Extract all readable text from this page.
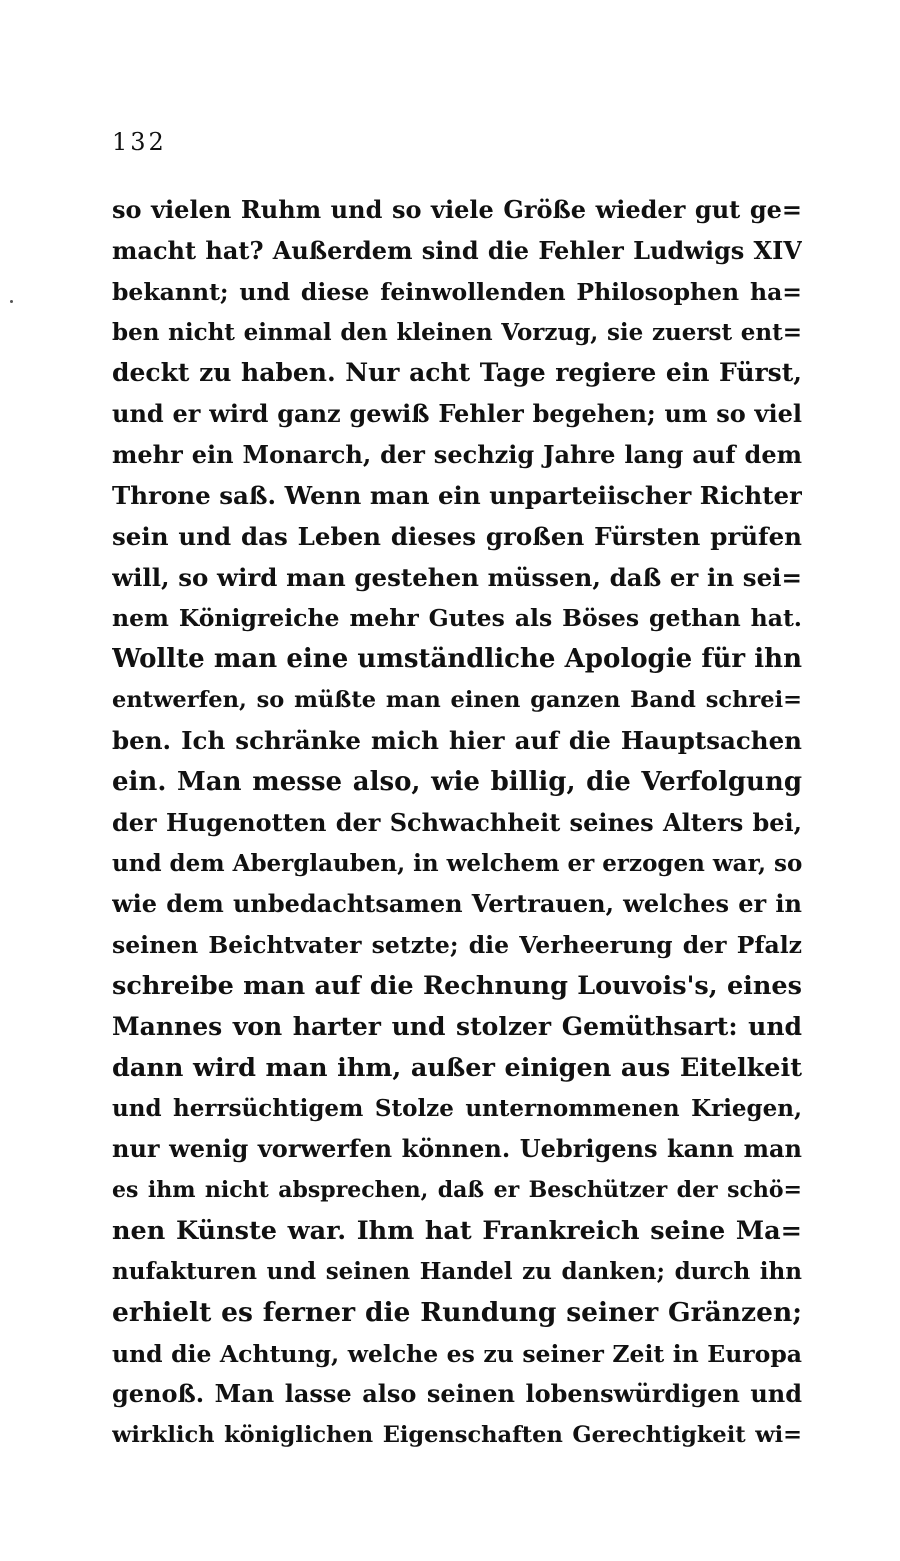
132
so vielen Ruhm und so viele Größe wieder gut ge=
macht hat? Außerdem sind die Fehler Ludwigs XIV
bekannt; und diese feinwollenden Philosophen ha=
ben nicht einmal den kleinen Vorzug, sie zuerst ent=
deckt zu haben. Nur acht Tage regiere ein Fürst,
und er wird ganz gewiß Fehler begehen; um so viel
mehr ein Monarch, der sechzig Jahre lang auf dem
Throne saß. Wenn man ein unparteiischer Richter
sein und das Leben dieses großen Fürsten prüfen
will, so wird man gestehen müssen, daß er in sei=
nem Königreiche mehr Gutes als Böses gethan hat.
Wollte man eine umständliche Apologie für ihn
entwerfen, so müßte man einen ganzen Band schrei=
ben. Ich schränke mich hier auf die Hauptsachen
ein. Man messe also, wie billig, die Verfolgung
der Hugenotten der Schwachheit seines Alters bei,
und dem Aberglauben, in welchem er erzogen war, so
wie dem unbedachtsamen Vertrauen, welches er in
seinen Beichtvater setzte; die Verheerung der Pfalz
schreibe man auf die Rechnung Louvois's, eines
Mannes von harter und stolzer Gemüthsart: und
dann wird man ihm, außer einigen aus Eitelkeit
und herrsüchtigem Stolze unternommenen Kriegen,
nur wenig vorwerfen können. Uebrigens kann man
es ihm nicht absprechen, daß er Beschützer der schö=
nen Künste war. Ihm hat Frankreich seine Ma=
nufakturen und seinen Handel zu danken; durch ihn
erhielt es ferner die Rundung seiner Gränzen;
und die Achtung, welche es zu seiner Zeit in Europa
genoß. Man lasse also seinen lobenswürdigen und
wirklich königlichen Eigenschaften Gerechtigkeit wi=
